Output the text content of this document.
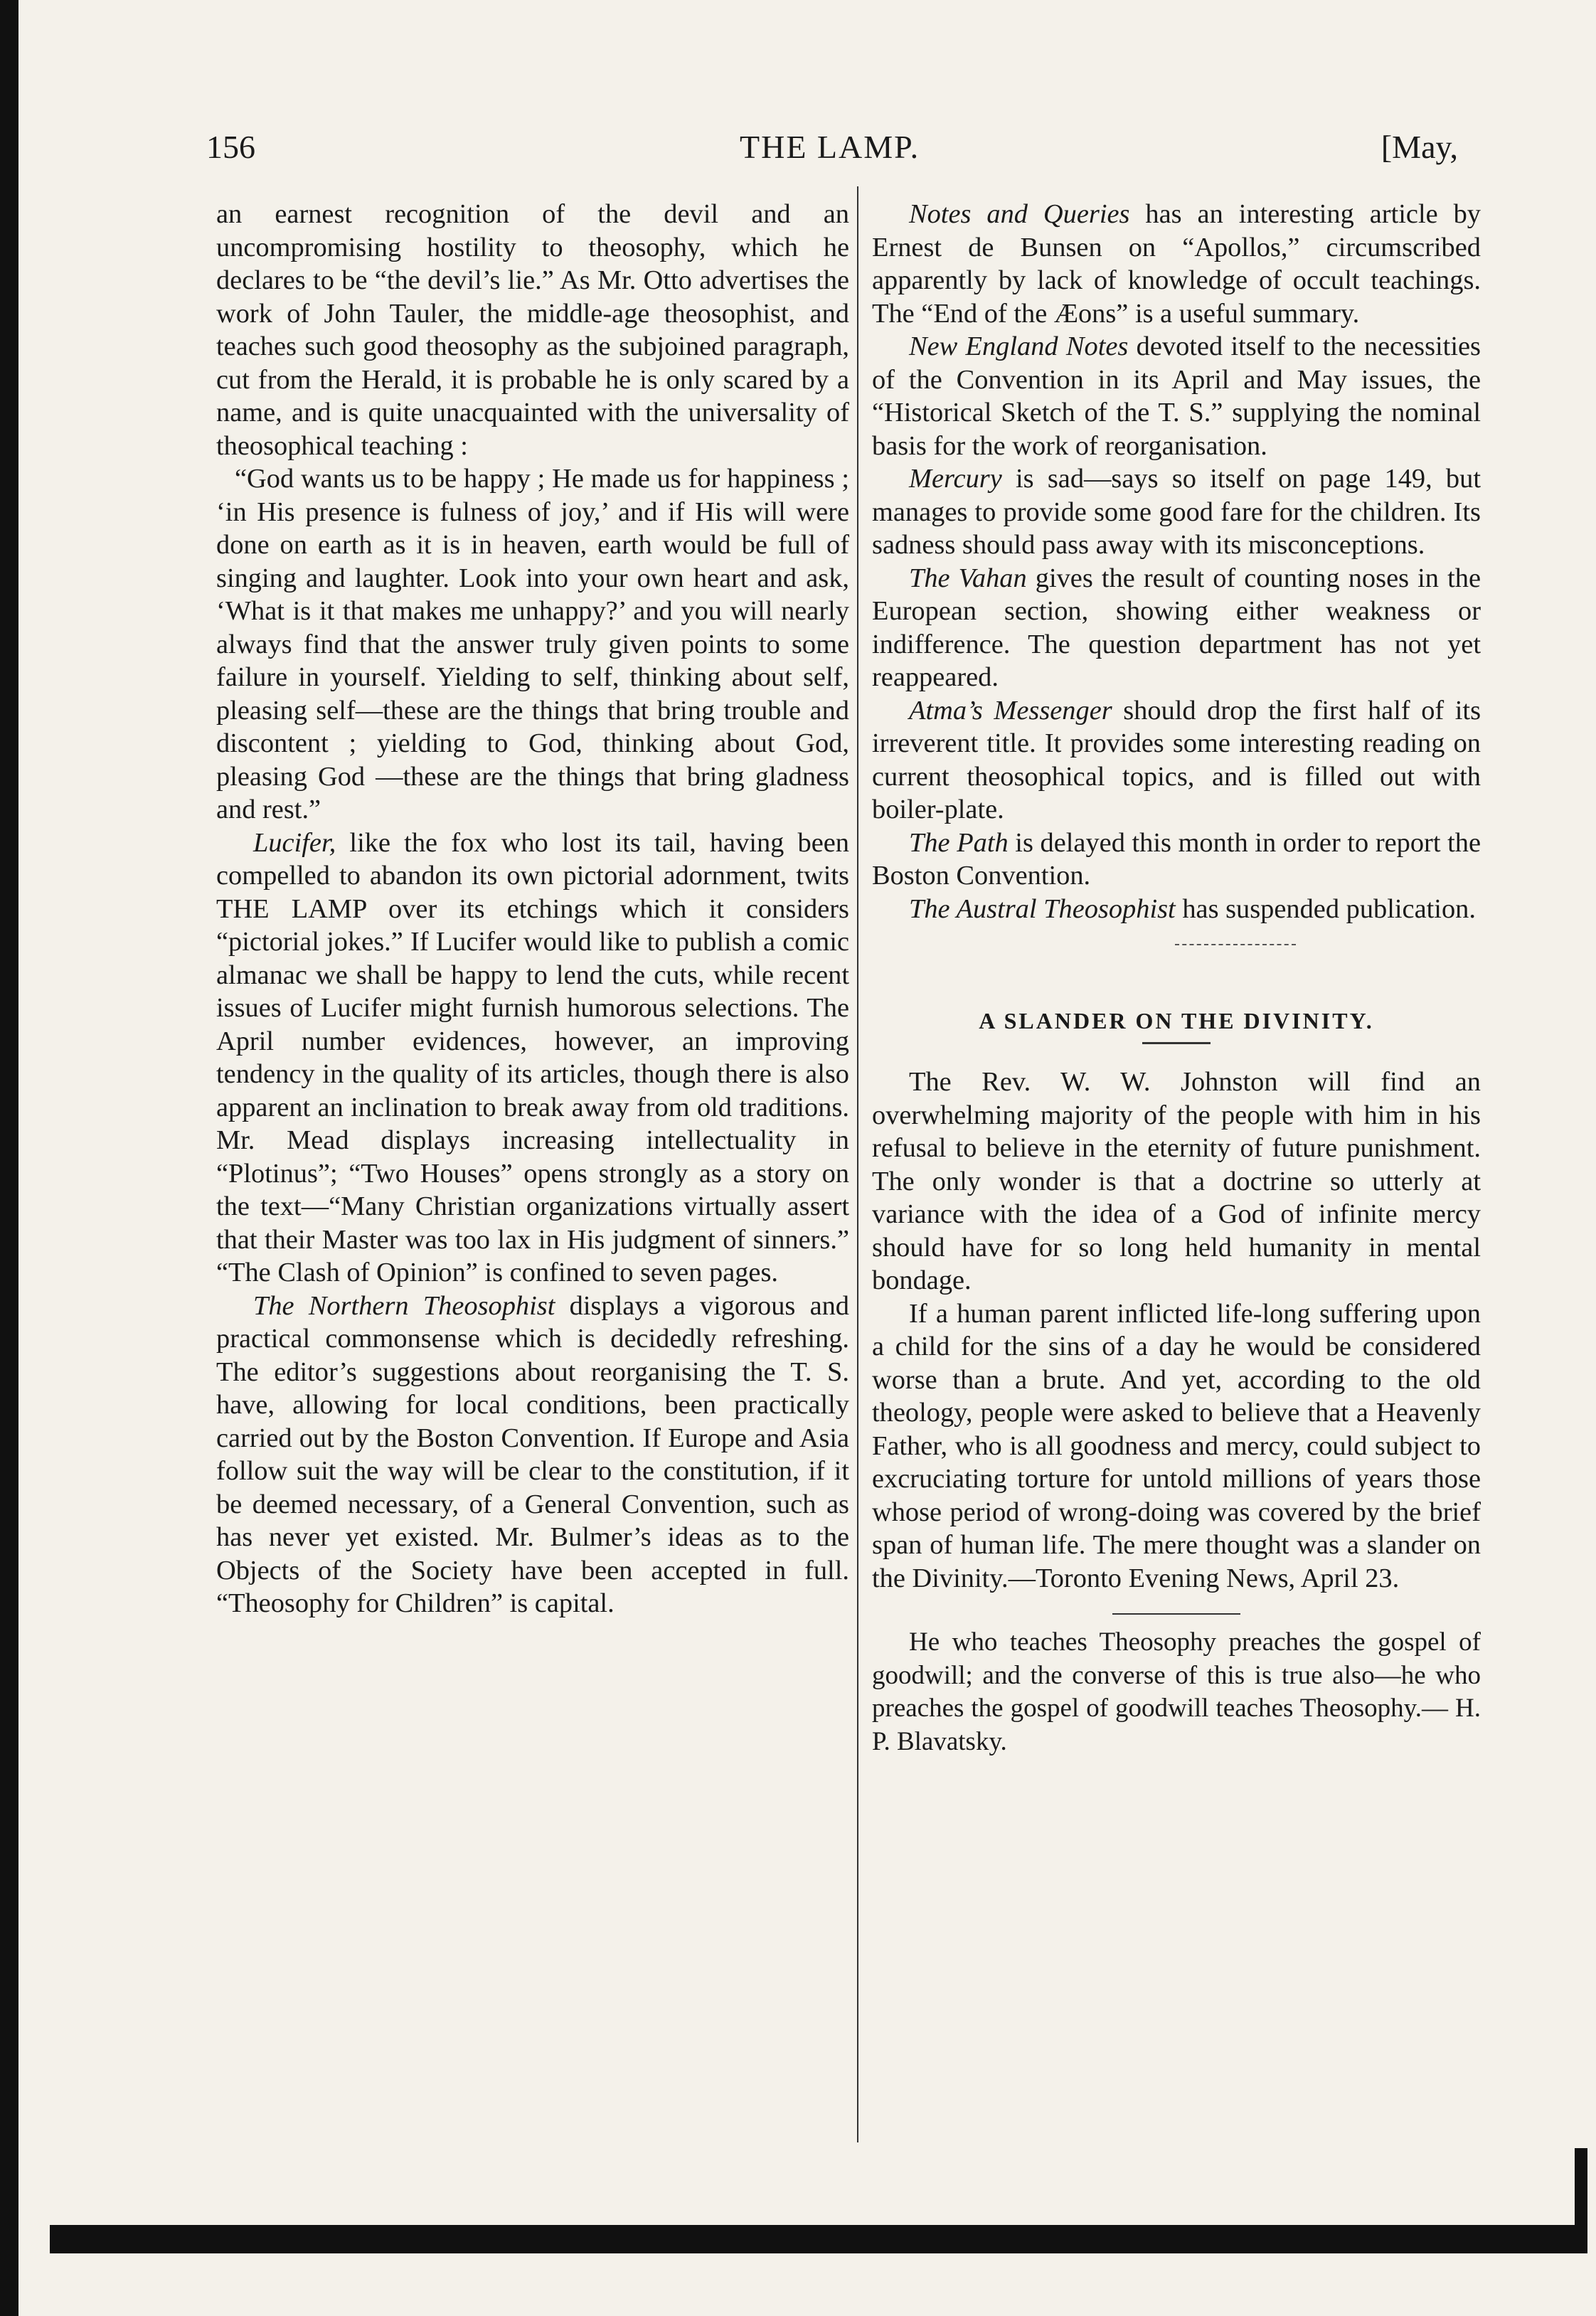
156	THE LAMP.	[May,

an earnest recognition of the devil and an uncompromising hostility to theosophy, which he declares to be “the devil’s lie.” As Mr. Otto advertises the work of John Tauler, the middle-age theosophist, and teaches such good theosophy as the subjoined paragraph, cut from the Herald, it is probable he is only scared by a name, and is quite unacquainted with the universality of theosophical teaching :

“God wants us to be happy ; He made us for happiness ; ‘in His presence is fulness of joy,’ and if His will were done on earth as it is in heaven, earth would be full of singing and laughter. Look into your own heart and ask, ‘What is it that makes me unhappy?’ and you will nearly always find that the answer truly given points to some failure in yourself. Yielding to self, thinking about self, pleasing self—these are the things that bring trouble and discontent ; yielding to God, thinking about God, pleasing God —these are the things that bring gladness and rest.”

Lucifer, like the fox who lost its tail, having been compelled to abandon its own pictorial adornment, twits THE LAMP over its etchings which it considers “pictorial jokes.” If Lucifer would like to publish a comic almanac we shall be happy to lend the cuts, while recent issues of Lucifer might furnish humorous selections. The April number evidences, however, an improving tendency in the quality of its articles, though there is also apparent an inclination to break away from old traditions. Mr. Mead displays increasing intellectuality in “Plotinus”; “Two Houses” opens strongly as a story on the text—“Many Christian organizations virtually assert that their Master was too lax in His judgment of sinners.” “The Clash of Opinion” is confined to seven pages.

The Northern Theosophist displays a vigorous and practical commonsense which is decidedly refreshing. The editor’s suggestions about reorganising the T. S. have, allowing for local conditions, been practically carried out by the Boston Convention. If Europe and Asia follow suit the way will be clear to the constitution, if it be deemed necessary, of a General Convention, such as has never yet existed. Mr. Bulmer’s ideas as to the Objects of the Society have been accepted in full. “Theosophy for Children” is capital.

Notes and Queries has an interesting article by Ernest de Bunsen on “Apollos,” circumscribed apparently by lack of knowledge of occult teachings. The “End of the Æons” is a useful summary.

New England Notes devoted itself to the necessities of the Convention in its April and May issues, the “Historical Sketch of the T. S.” supplying the nominal basis for the work of reorganisation.

Mercury is sad—says so itself on page 149, but manages to provide some good fare for the children. Its sadness should pass away with its misconceptions.

The Vahan gives the result of counting noses in the European section, showing either weakness or indifference. The question department has not yet reappeared.

Atma’s Messenger should drop the first half of its irreverent title. It provides some interesting reading on current theosophical topics, and is filled out with boiler-plate.

The Path is delayed this month in order to report the Boston Convention.

The Austral Theosophist has suspended publication.

A SLANDER ON THE DIVINITY.

The Rev. W. W. Johnston will find an overwhelming majority of the people with him in his refusal to believe in the eternity of future punishment. The only wonder is that a doctrine so utterly at variance with the idea of a God of infinite mercy should have for so long held humanity in mental bondage.

If a human parent inflicted life-long suffering upon a child for the sins of a day he would be considered worse than a brute. And yet, according to the old theology, people were asked to believe that a Heavenly Father, who is all goodness and mercy, could subject to excruciating torture for untold millions of years those whose period of wrong-doing was covered by the brief span of human life. The mere thought was a slander on the Divinity.—Toronto Evening News, April 23.

He who teaches Theosophy preaches the gospel of goodwill; and the converse of this is true also—he who preaches the gospel of goodwill teaches Theosophy.— H. P. Blavatsky.
